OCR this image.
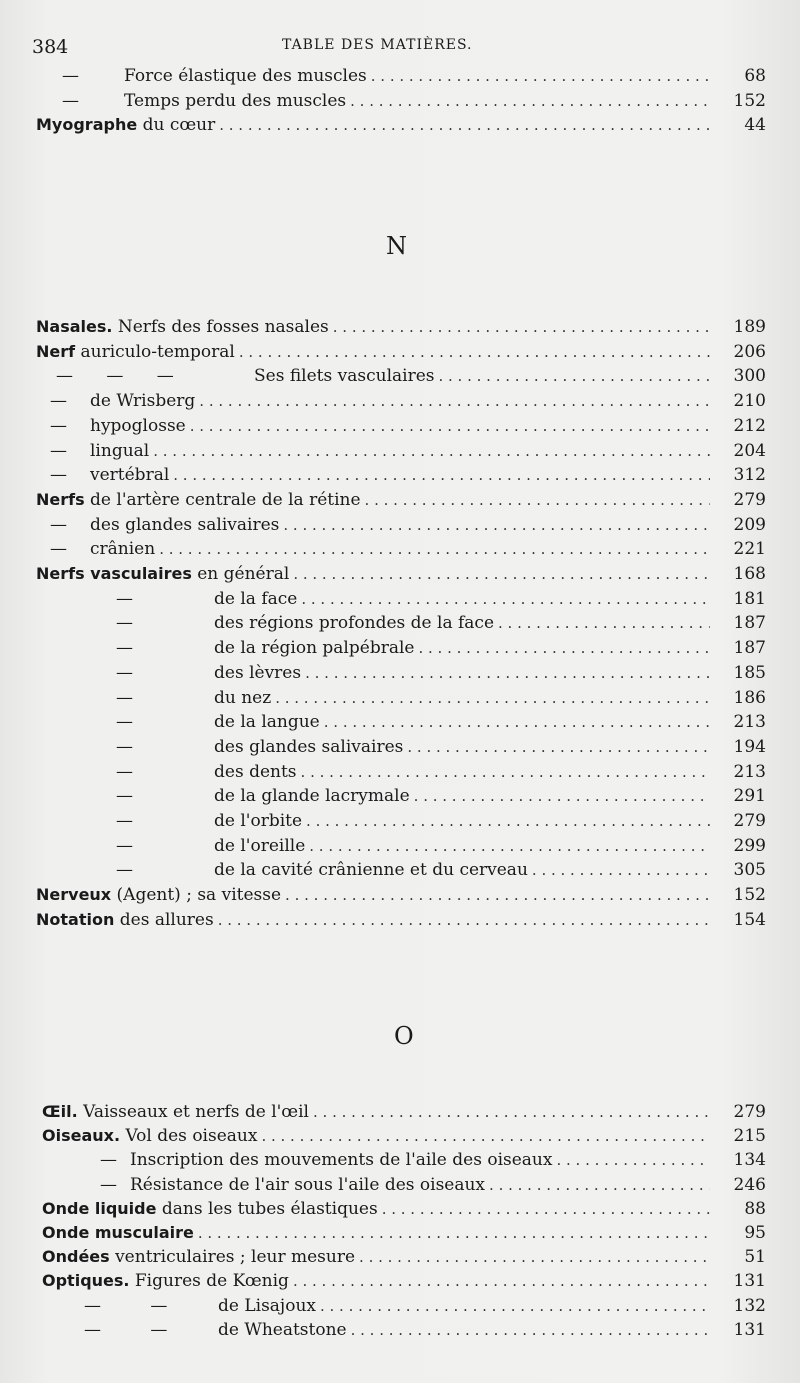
384	TABLE DES MATIÈRES.
N
O
—	Force élastique des muscles . . .	68
—	Temps perdu des muscles . . .	152
Myographe du cœur . . .	44
Nasales. Nerfs des fosses nasales . . .	189
Nerf auriculo-temporal . . .	206
— — —	Ses filets vasculaires . . .	300
—	de Wrisberg . . .	210
—	hypoglosse . . .	212
—	lingual . . .	204
—	vertébral . . .	312
Nerfs de l'artère centrale de la rétine . . .	279
—	des glandes salivaires . . .	209
—	crânien . . .	221
Nerfs vasculaires en général . . .	168
—	de la face . . .	181
—	des régions profondes de la face . . .	187
—	de la région palpébrale . . .	187
—	des lèvres . . .	185
—	du nez . . .	186
—	de la langue . . .	213
—	des glandes salivaires . . .	194
—	des dents . . .	213
—	de la glande lacrymale . . .	291
—	de l'orbite . . .	279
—	de l'oreille . . .	299
—	de la cavité crânienne et du cerveau . . .	305
Nerveux (Agent) ; sa vitesse . . .	152
Notation des allures . . .	154
Œil. Vaisseaux et nerfs de l'œil . . .	279
Oiseaux. Vol des oiseaux . . .	215
— Inscription des mouvements de l'aile des oiseaux . . .	134
— Résistance de l'air sous l'aile des oiseaux . . .	246
Onde liquide dans les tubes élastiques . . .	88
Onde musculaire . . .	95
Ondées ventriculaires ; leur mesure . . .	51
Optiques. Figures de Kœnig . . .	131
— —	de Lisajoux . . .	132
— —	de Wheatstone . . .	131
